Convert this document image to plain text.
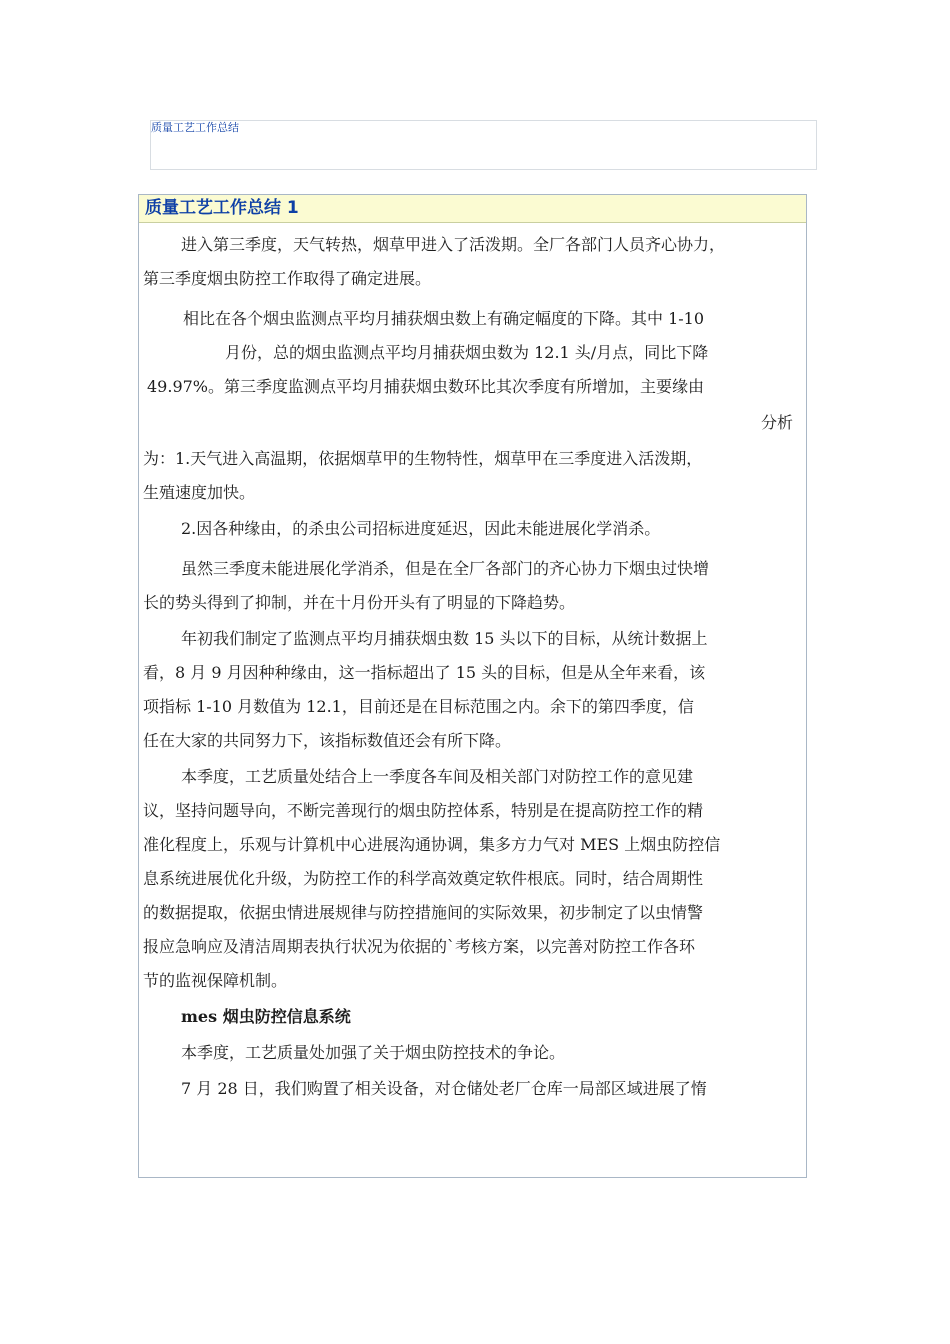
质量工艺工作总结
质量工艺工作总结 1
进入第三季度，天气转热，烟草甲进入了活泼期。全厂各部门人员齐心协力，
第三季度烟虫防控工作取得了确定进展。
相比在各个烟虫监测点平均月捕获烟虫数上有确定幅度的下降。其中 1-10
月份，总的烟虫监测点平均月捕获烟虫数为 12.1 头/月点，同比下降
49.97%。第三季度监测点平均月捕获烟虫数环比其次季度有所增加，主要缘由
分析
为：1.天气进入高温期，依据烟草甲的生物特性，烟草甲在三季度进入活泼期，
生殖速度加快。
2.因各种缘由，的杀虫公司招标进度延迟，因此未能进展化学消杀。
虽然三季度未能进展化学消杀，但是在全厂各部门的齐心协力下烟虫过快增
长的势头得到了抑制，并在十月份开头有了明显的下降趋势。
年初我们制定了监测点平均月捕获烟虫数 15 头以下的目标，从统计数据上
看，8 月 9 月因种种缘由，这一指标超出了 15 头的目标，但是从全年来看，该
项指标 1-10 月数值为 12.1，目前还是在目标范围之内。余下的第四季度，信
任在大家的共同努力下，该指标数值还会有所下降。
本季度，工艺质量处结合上一季度各车间及相关部门对防控工作的意见建
议，坚持问题导向，不断完善现行的烟虫防控体系，特别是在提高防控工作的精
准化程度上，乐观与计算机中心进展沟通协调，集多方力气对 MES 上烟虫防控信
息系统进展优化升级，为防控工作的科学高效奠定软件根底。同时，结合周期性
的数据提取，依据虫情进展规律与防控措施间的实际效果，初步制定了以虫情警
报应急响应及清洁周期表执行状况为依据的`考核方案，以完善对防控工作各环
节的监视保障机制。
mes 烟虫防控信息系统
本季度，工艺质量处加强了关于烟虫防控技术的争论。
7 月 28 日，我们购置了相关设备，对仓储处老厂仓库一局部区域进展了惰
